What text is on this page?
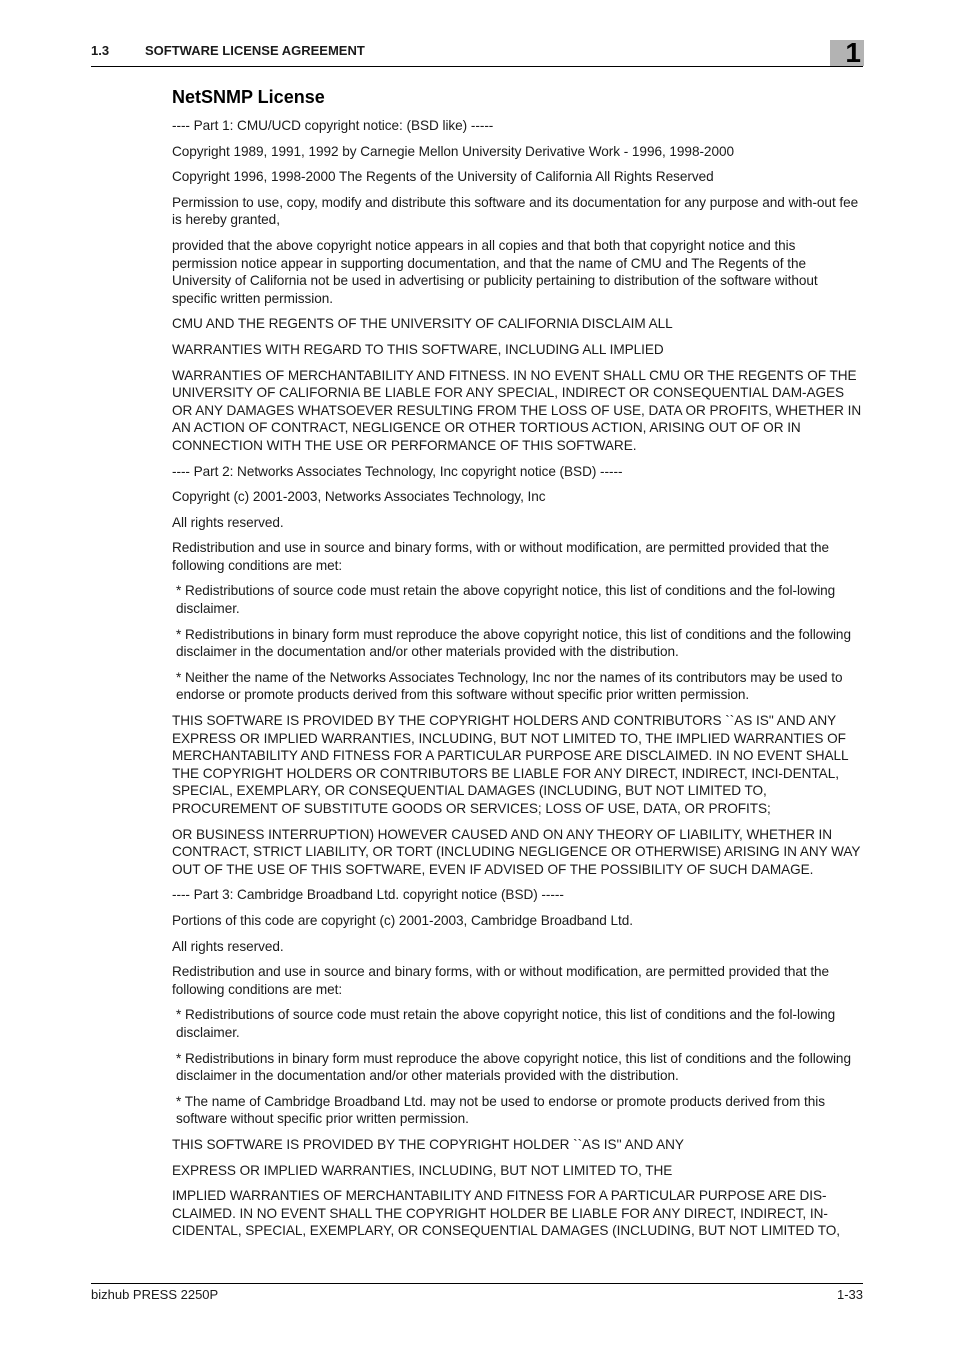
1.3	SOFTWARE LICENSE AGREEMENT	1
NetSNMP License

---- Part 1: CMU/UCD copyright notice: (BSD like) -----

Copyright 1989, 1991, 1992 by Carnegie Mellon University Derivative Work - 1996, 1998-2000

Copyright 1996, 1998-2000 The Regents of the University of California All Rights Reserved

Permission to use, copy, modify and distribute this software and its documentation for any purpose and with-out fee is hereby granted,

provided that the above copyright notice appears in all copies and that both that copyright notice and this permission notice appear in supporting documentation, and that the name of CMU and The Regents of the University of California not be used in advertising or publicity pertaining to distribution of the software without specific written permission.

CMU AND THE REGENTS OF THE UNIVERSITY OF CALIFORNIA DISCLAIM ALL

WARRANTIES WITH REGARD TO THIS SOFTWARE, INCLUDING ALL IMPLIED

WARRANTIES OF MERCHANTABILITY AND FITNESS. IN NO EVENT SHALL CMU OR THE REGENTS OF THE UNIVERSITY OF CALIFORNIA BE LIABLE FOR ANY SPECIAL, INDIRECT OR CONSEQUENTIAL DAM-AGES OR ANY DAMAGES WHATSOEVER RESULTING FROM THE LOSS OF USE, DATA OR PROFITS, WHETHER IN AN ACTION OF CONTRACT, NEGLIGENCE OR OTHER TORTIOUS ACTION, ARISING OUT OF OR IN CONNECTION WITH THE USE OR PERFORMANCE OF THIS SOFTWARE.

---- Part 2: Networks Associates Technology, Inc copyright notice (BSD) -----

Copyright (c) 2001-2003, Networks Associates Technology, Inc

All rights reserved.

Redistribution and use in source and binary forms, with or without modification, are permitted provided that the following conditions are met:

* Redistributions of source code must retain the above copyright notice, this list of conditions and the fol-lowing disclaimer.

* Redistributions in binary form must reproduce the above copyright notice, this list of conditions and the following disclaimer in the documentation and/or other materials provided with the distribution.

* Neither the name of the Networks Associates Technology, Inc nor the names of its contributors may be used to endorse or promote products derived from this software without specific prior written permission.

THIS SOFTWARE IS PROVIDED BY THE COPYRIGHT HOLDERS AND CONTRIBUTORS ``AS IS'' AND ANY EXPRESS OR IMPLIED WARRANTIES, INCLUDING, BUT NOT LIMITED TO, THE IMPLIED WARRANTIES OF MERCHANTABILITY AND FITNESS FOR A PARTICULAR PURPOSE ARE DISCLAIMED. IN NO EVENT SHALL THE COPYRIGHT HOLDERS OR CONTRIBUTORS BE LIABLE FOR ANY DIRECT, INDIRECT, INCI-DENTAL, SPECIAL, EXEMPLARY, OR CONSEQUENTIAL DAMAGES (INCLUDING, BUT NOT LIMITED TO, PROCUREMENT OF SUBSTITUTE GOODS OR SERVICES; LOSS OF USE, DATA, OR PROFITS;

OR BUSINESS INTERRUPTION) HOWEVER CAUSED AND ON ANY THEORY OF LIABILITY, WHETHER IN CONTRACT, STRICT LIABILITY, OR TORT (INCLUDING NEGLIGENCE OR OTHERWISE) ARISING IN ANY WAY OUT OF THE USE OF THIS SOFTWARE, EVEN IF ADVISED OF THE POSSIBILITY OF SUCH DAMAGE.

---- Part 3: Cambridge Broadband Ltd. copyright notice (BSD) -----

Portions of this code are copyright (c) 2001-2003, Cambridge Broadband Ltd.

All rights reserved.

Redistribution and use in source and binary forms, with or without modification, are permitted provided that the following conditions are met:

* Redistributions of source code must retain the above copyright notice, this list of conditions and the fol-lowing disclaimer.

* Redistributions in binary form must reproduce the above copyright notice, this list of conditions and the following disclaimer in the documentation and/or other materials provided with the distribution.

* The name of Cambridge Broadband Ltd. may not be used to endorse or promote products derived from this software without specific prior written permission.

THIS SOFTWARE IS PROVIDED BY THE COPYRIGHT HOLDER ``AS IS'' AND ANY

EXPRESS OR IMPLIED WARRANTIES, INCLUDING, BUT NOT LIMITED TO, THE

IMPLIED WARRANTIES OF MERCHANTABILITY AND FITNESS FOR A PARTICULAR PURPOSE ARE DIS-CLAIMED. IN NO EVENT SHALL THE COPYRIGHT HOLDER BE LIABLE FOR ANY DIRECT, INDIRECT, IN-CIDENTAL, SPECIAL, EXEMPLARY, OR CONSEQUENTIAL DAMAGES (INCLUDING, BUT NOT LIMITED TO,

bizhub PRESS 2250P	1-33
